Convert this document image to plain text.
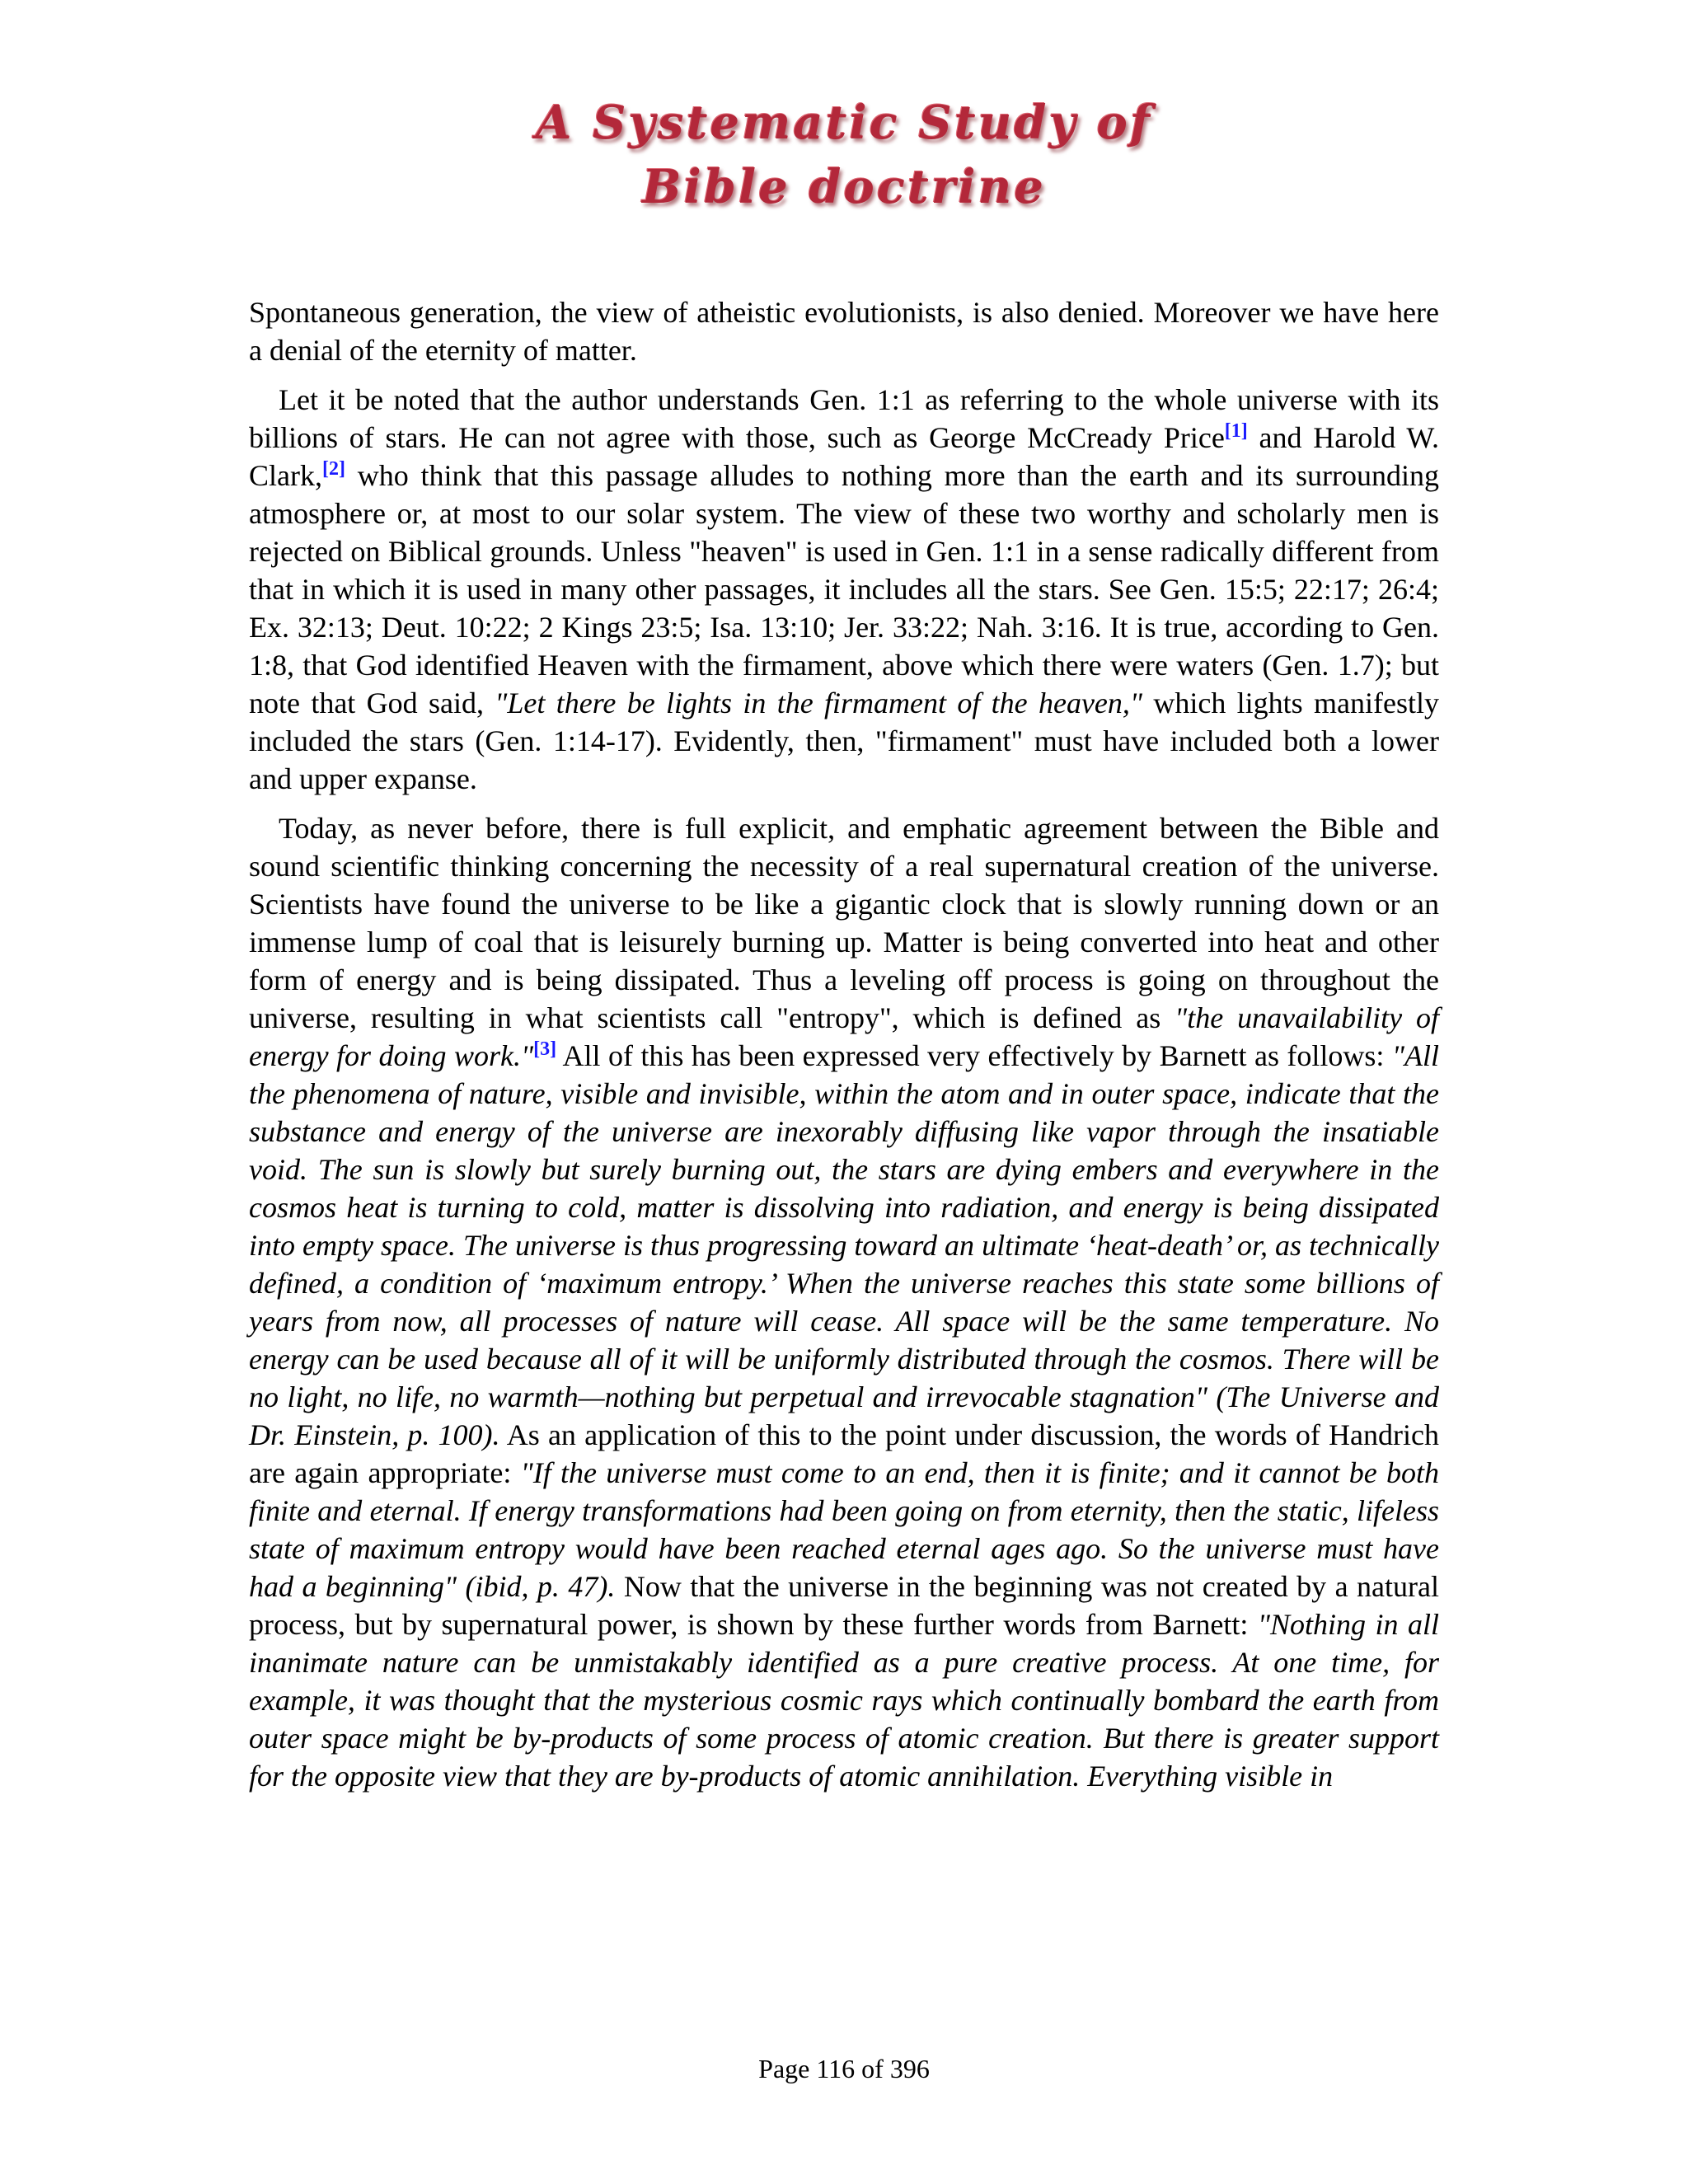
A Systematic Study of
Bible doctrine

Spontaneous generation, the view of atheistic evolutionists, is also denied. Moreover we have here a denial of the eternity of matter.

Let it be noted that the author understands Gen. 1:1 as referring to the whole universe with its billions of stars. He can not agree with those, such as George McCready Price[1] and Harold W. Clark,[2] who think that this passage alludes to nothing more than the earth and its surrounding atmosphere or, at most to our solar system. The view of these two worthy and scholarly men is rejected on Biblical grounds. Unless "heaven" is used in Gen. 1:1 in a sense radically different from that in which it is used in many other passages, it includes all the stars. See Gen. 15:5; 22:17; 26:4; Ex. 32:13; Deut. 10:22; 2 Kings 23:5; Isa. 13:10; Jer. 33:22; Nah. 3:16. It is true, according to Gen. 1:8, that God identified Heaven with the firmament, above which there were waters (Gen. 1.7); but note that God said, "Let there be lights in the firmament of the heaven," which lights manifestly included the stars (Gen. 1:14-17). Evidently, then, "firmament" must have included both a lower and upper expanse.

Today, as never before, there is full explicit, and emphatic agreement between the Bible and sound scientific thinking concerning the necessity of a real supernatural creation of the universe. Scientists have found the universe to be like a gigantic clock that is slowly running down or an immense lump of coal that is leisurely burning up. Matter is being converted into heat and other form of energy and is being dissipated. Thus a leveling off process is going on throughout the universe, resulting in what scientists call "entropy", which is defined as "the unavailability of energy for doing work."[3] All of this has been expressed very effectively by Barnett as follows: "All the phenomena of nature, visible and invisible, within the atom and in outer space, indicate that the substance and energy of the universe are inexorably diffusing like vapor through the insatiable void. The sun is slowly but surely burning out, the stars are dying embers and everywhere in the cosmos heat is turning to cold, matter is dissolving into radiation, and energy is being dissipated into empty space. The universe is thus progressing toward an ultimate ‘heat-death’ or, as technically defined, a condition of ‘maximum entropy.’ When the universe reaches this state some billions of years from now, all processes of nature will cease. All space will be the same temperature. No energy can be used because all of it will be uniformly distributed through the cosmos. There will be no light, no life, no warmth—nothing but perpetual and irrevocable stagnation" (The Universe and Dr. Einstein, p. 100). As an application of this to the point under discussion, the words of Handrich are again appropriate: "If the universe must come to an end, then it is finite; and it cannot be both finite and eternal. If energy transformations had been going on from eternity, then the static, lifeless state of maximum entropy would have been reached eternal ages ago. So the universe must have had a beginning" (ibid, p. 47). Now that the universe in the beginning was not created by a natural process, but by supernatural power, is shown by these further words from Barnett: "Nothing in all inanimate nature can be unmistakably identified as a pure creative process. At one time, for example, it was thought that the mysterious cosmic rays which continually bombard the earth from outer space might be by-products of some process of atomic creation. But there is greater support for the opposite view that they are by-products of atomic annihilation. Everything visible in

Page 116 of 396
